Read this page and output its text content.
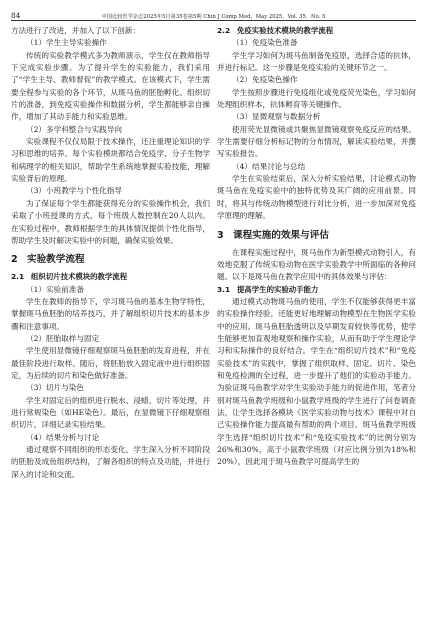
84	中国比较医学杂志2025年5月第35卷第5期 Chin J Comp Med，May 2025，Vol. 35，No. 5

方法进行了改进，并加入了以下创新：

（1）学生主导实验操作

传统的实验教学模式多为教师演示，学生仅在教师指导下完成实验步骤。为了提升学生的实验能力，我们采用了“学生主导、教师督促”的教学模式。在该模式下，学生需要全程参与实验的各个环节，从斑马鱼的胚胎孵化、组织切片的准备，到免疫实验操作和数据分析，学生都能够亲自操作，增加了其动手能力和实验思维。

（2）多学科整合与实践导向

实验课程不仅仅局限于技术操作，还注重理论知识的学习和思维的培养。每个实验模块都结合免疫学、分子生物学和病理学的相关知识，帮助学生系统地掌握实验技能，理解实验背后的原理。

（3）小班教学与个性化指导

为了保证每个学生都能获得充分的实验操作机会，我们采取了小班授课的方式，每个班级人数控制在20人以内。在实验过程中，教师根据学生的具体情况提供个性化指导，帮助学生及时解决实验中的问题，确保实验效果。

2 实验教学流程
2.1 组织切片技术模块的教学流程

（1）实验前准备

学生在教师的指导下，学习斑马鱼的基本生物学特性，掌握斑马鱼胚胎的培养技巧，并了解组织切片技术的基本步骤和注意事项。

（2）胚胎取样与固定

学生使用显微镜仔细观察斑马鱼胚胎的发育进程，并在最佳阶段进行取样。随后，将胚胎放入固定液中进行组织固定，为后续的切片和染色做好准备。

（3）切片与染色

学生对固定后的组织进行脱水、浸蜡、切片等处理，并进行常规染色（如HE染色）。最后，在显微镜下仔细观察组织切片，详细记录实验结果。

（4）结果分析与讨论

通过观察不同组织的形态变化，学生深入分析不同阶段的胚胎及成鱼组织结构，了解各组织的特点及功能，并进行深入的讨论和交流。

2.2 免疫实验技术模块的教学流程

（1）免疫染色准备

学生学习如何为斑马鱼制备免疫原，选择合适的抗体，并进行标记。这一步骤是免疫实验的关键环节之一。

（2）免疫染色操作

学生按照步骤进行免疫组化或免疫荧光染色，学习如何处理组织样本，抗体孵育等关键操作。

（3）显微观察与数据分析

使用荧光显微镜或共聚焦显微镜观察免疫反应的结果。学生需要仔细分析标记物的分布情况，解读实验结果，并撰写实验报告。

（4）结果讨论与总结

学生在实验结束后，深入分析实验结果，讨论模式动物斑马鱼在免疫实验中的独特优势及其广阔的应用前景。同时，将其与传统动物模型进行对比分析，进一步加深对免疫学原理的理解。

3 课程实施的效果与评估

在课程实施过程中，斑马鱼作为新型模式动物引入，有效地克服了传统实验动物在医学实验教学中所面临的各种问题。以下是斑马鱼在教学应用中的具体效果与评估：

3.1 提高学生的实验动手能力

通过模式动物斑马鱼的使用，学生不仅能够获得更丰富的实验操作经验，还能更好地理解动物模型在生物医学实验中的应用。斑马鱼胚胎透明以及早期发育较快等优势，使学生能够更加直观地观察和操作实验，从而有助于学生理论学习和实际操作的良好结合。学生在“组织切片技术”和“免疫实验技术”的实践中，掌握了组织取样、固定、切片、染色和免疫检测的全过程，进一步提升了他们的实验动手能力。为验证斑马鱼教学对学生实验动手能力的促进作用，笔者分别对斑马鱼教学班级和小鼠教学班级的学生进行了问卷调查法，让学生选择各模块《医学实验动物与技术》课程中对自己实验操作能力提高最有帮助的两个项目。斑马鱼教学班级学生选择“组织切片技术”和“免疫实验技术”的比例分别为26%和30%，高于小鼠教学班级（对应比例分别为18%和20%），因此用于斑马鱼教学可提高学生的
